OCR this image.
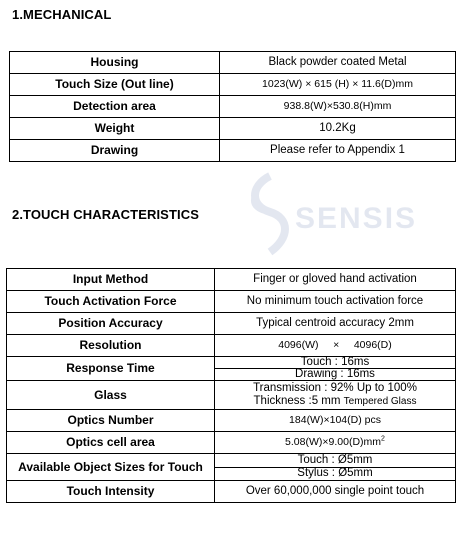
1.MECHANICAL
Housing	Black powder coated Metal
Touch Size (Out line)	1023(W) × 615 (H) × 11.6(D)mm
Detection area	938.8(W)×530.8(H)mm
Weight	10.2Kg
Drawing	Please refer to Appendix 1
SENSIS
2.TOUCH CHARACTERISTICS
Input Method	Finger or gloved hand activation
Touch Activation Force	No minimum touch activation force
Position Accuracy	Typical centroid accuracy 2mm
Resolution	4096(W) × 4096(D)
Response Time	Touch : 16ms
	Drawing : 16ms
Glass	Transmission : 92% Up to 100%
Thickness :5 mm Tempered Glass

Optics Number	184(W)×104(D) pcs
Optics cell area	$5.08(W)\times 9.00(D)mm^2$
Available Object Sizes for Touch	Touch : Ø5mm
	Stylus : Ø5mm
Touch Intensity	Over 60,000,000 single point touch
